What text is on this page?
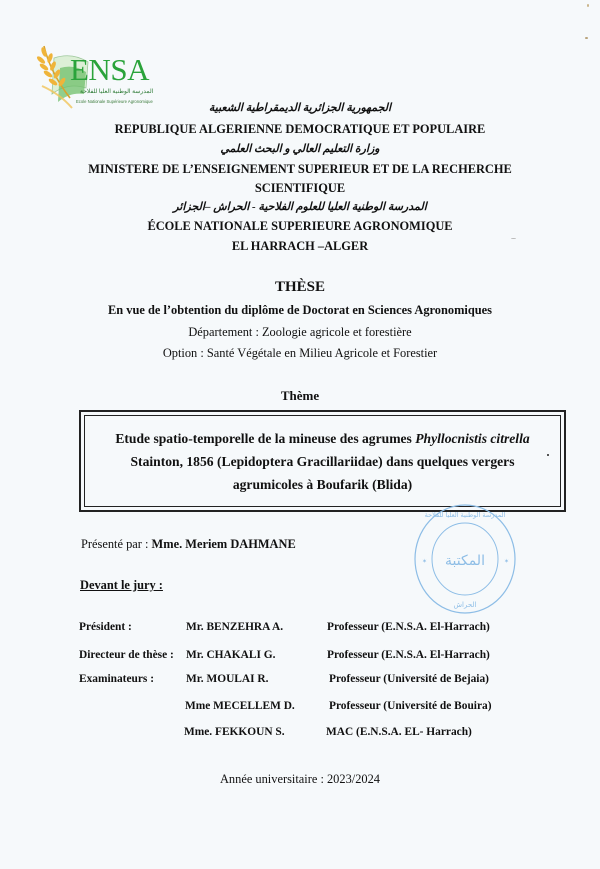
ENSA
المدرسة الوطنية العليا للفلاحة
Ecole Nationale Supérieure Agronomique
الجمهورية الجزائرية الديمقراطية الشعبية
REPUBLIQUE ALGERIENNE DEMOCRATIQUE ET POPULAIRE
وزارة التعليم العالي و البحث العلمي
MINISTERE DE L’ENSEIGNEMENT SUPERIEUR ET DE LA RECHERCHE
SCIENTIFIQUE
المدرسة الوطنية العليا للعلوم الفلاحية - الحراش –الجزائر
ÉCOLE NATIONALE SUPERIEURE AGRONOMIQUE
EL HARRACH –ALGER
THÈSE
En vue de l’obtention du diplôme de Doctorat en Sciences Agronomiques
Département : Zoologie agricole et forestière
Option : Santé Végétale en Milieu Agricole et Forestier
Thème
Etude spatio-temporelle de la mineuse des agrumes Phyllocnistis citrella
Stainton, 1856 (Lepidoptera Gracillariidae) dans quelques vergers
agrumicoles à Boufarik (Blida)
المكتبة
المدرسة الوطنية العليا للفلاحة
الحراش
✶	✶
Présenté par : Mme. Meriem DAHMANE
Devant le jury :
Président :	Mr. BENZEHRA A.	Professeur (E.N.S.A. El-Harrach)
Directeur de thèse : Mr. CHAKALI G.	Professeur (E.N.S.A. El-Harrach)
Examinateurs :	Mr. MOULAI R.	Professeur (Université de Bejaia)
Mme MECELLEM D.	Professeur (Université de Bouira)
Mme. FEKKOUN S.	MAC (E.N.S.A. EL- Harrach)
Année universitaire : 2023/2024
